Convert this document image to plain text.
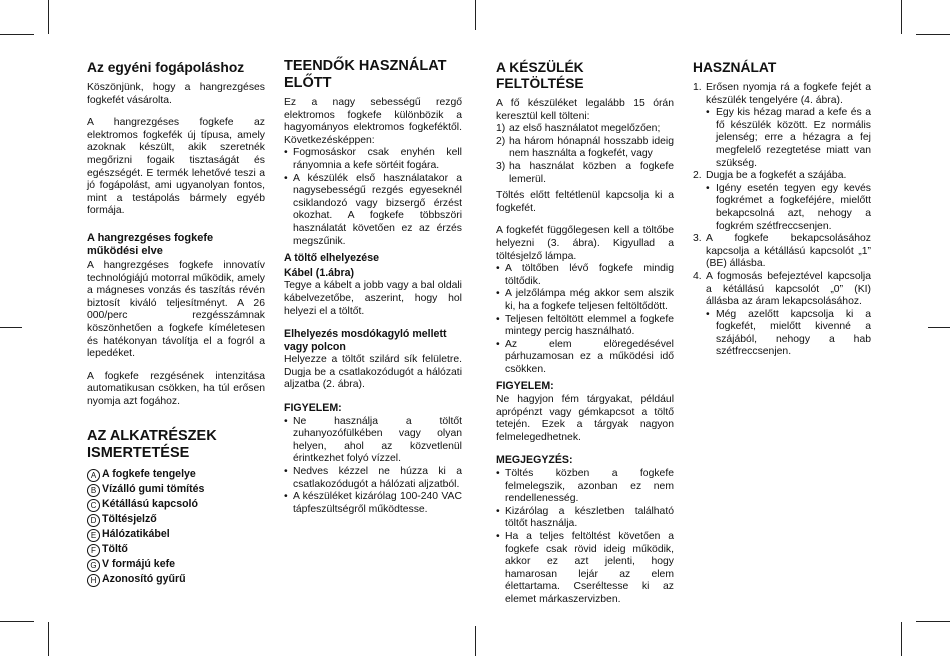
Az egyéni fogápoláshoz

Köszönjünk, hogy a hangrezgéses fogkefét vásárolta.

A hangrezgéses fogkefe az elektromos fogkefék új típusa, amely azoknak készült, akik szeretnék megőrizni fogaik tisztaságát és egészségét. E termék lehetővé teszi a jó fogápolást, ami ugyanolyan fontos, mint a testápolás bármely egyéb formája.

A hangrezgéses fogkefe működési elve

A hangrezgéses fogkefe innovatív technológiájú motorral működik, amely a mágneses vonzás és taszítás révén biztosít kiváló teljesítményt. A 26 000/perc rezgésszámnak köszönhetően a fogkefe kíméletesen és hatékonyan távolítja el a fogról a lepedéket.

A fogkefe rezgésének intenzitása automatikusan csökken, ha túl erősen nyomja azt fogához.

AZ ALKATRÉSZEK ISMERTETÉSE
A A fogkefe tengelye
B Vízálló gumi tömítés
C Kétállású kapcsoló
D Töltésjelző
E Hálózatikábel
F Töltő
G V formájú kefe
H Azonosító gyűrű
TEENDŐK HASZNÁLAT ELŐTT

Ez a nagy sebességű rezgő elektromos fogkefe különbözik a hagyományos elektromos fogkeféktől. Következésképpen:

• Fogmosáskor csak enyhén kell rányomnia a kefe sörtéit fogára.
• A készülék első használatakor a nagysebességű rezgés egyeseknél csiklandozó vagy bizsergő érzést okozhat. A fogkefe többszöri használatát követően ez az érzés megszűnik.
A töltő elhelyezése
Kábel (1.ábra)

Tegye a kábelt a jobb vagy a bal oldali kábelvezetőbe, aszerint, hogy hol helyezi el a töltőt.

Elhelyezés mosdókagyló mellett vagy polcon

Helyezze a töltőt szilárd sík felületre. Dugja be a csatlakozódugót a hálózati aljzatba (2. ábra).

FIGYELEM:
• Ne használja a töltőt zuhanyozófülkében vagy olyan helyen, ahol az közvetlenül érintkezhet folyó vízzel.
• Nedves kézzel ne húzza ki a csatlakozódugót a hálózati aljzatból.
• A készüléket kizárólag 100-240 VAC tápfeszültségről működtesse.
A KÉSZÜLÉK FELTÖLTÉSE

A fő készüléket legalább 15 órán keresztül kell tölteni:

1) az első használatot megelőzően;
2) ha három hónapnál hosszabb ideig nem használta a fogkefét, vagy
3) ha használat közben a fogkefe lemerül.

Töltés előtt feltétlenül kapcsolja ki a fogkefét.

A fogkefét függőlegesen kell a töltőbe helyezni (3. ábra). Kigyullad a töltésjelző lámpa.

• A töltőben lévő fogkefe mindig töltődik.
• A jelzőlámpa még akkor sem alszik ki, ha a fogkefe teljesen feltöltődött.
• Teljesen feltöltött elemmel a fogkefe mintegy percig használható.
• Az elem elöregedésével párhuzamosan ez a működési idő csökken.
FIGYELEM:

Ne hagyjon fém tárgyakat, például aprópénzt vagy gémkapcsot a töltő tetején. Ezek a tárgyak nagyon felmelegedhetnek.

MEGJEGYZÉS:
• Töltés közben a fogkefe felmelegszik, azonban ez nem rendellenesség.
• Kizárólag a készletben található töltőt használja.
• Ha a teljes feltöltést követően a fogkefe csak rövid ideig működik, akkor ez azt jelenti, hogy hamarosan lejár az elem élettartama. Cseréltesse ki az elemet márkaszervizben.
HASZNÁLAT
1. Erősen nyomja rá a fogkefe fejét a készülék tengelyére (4. ábra).
• Egy kis hézag marad a kefe és a fő készülék között. Ez normális jelenség; erre a hézagra a fej megfelelő rezegtetése miatt van szükség.
2. Dugja be a fogkefét a szájába.
• Igény esetén tegyen egy kevés fogkrémet a fogkeféjére, mielőtt bekapcsolná azt, nehogy a fogkrém szétfreccsenjen.
3. A fogkefe bekapcsolásához kapcsolja a kétállású kapcsolót „1” (BE) állásba.
4. A fogmosás befejeztével kapcsolja a kétállású kapcsolót „0” (KI) állásba az áram lekapcsolásához.
• Még azelőtt kapcsolja ki a fogkefét, mielőtt kivenné a szájából, nehogy a hab szétfreccsenjen.
